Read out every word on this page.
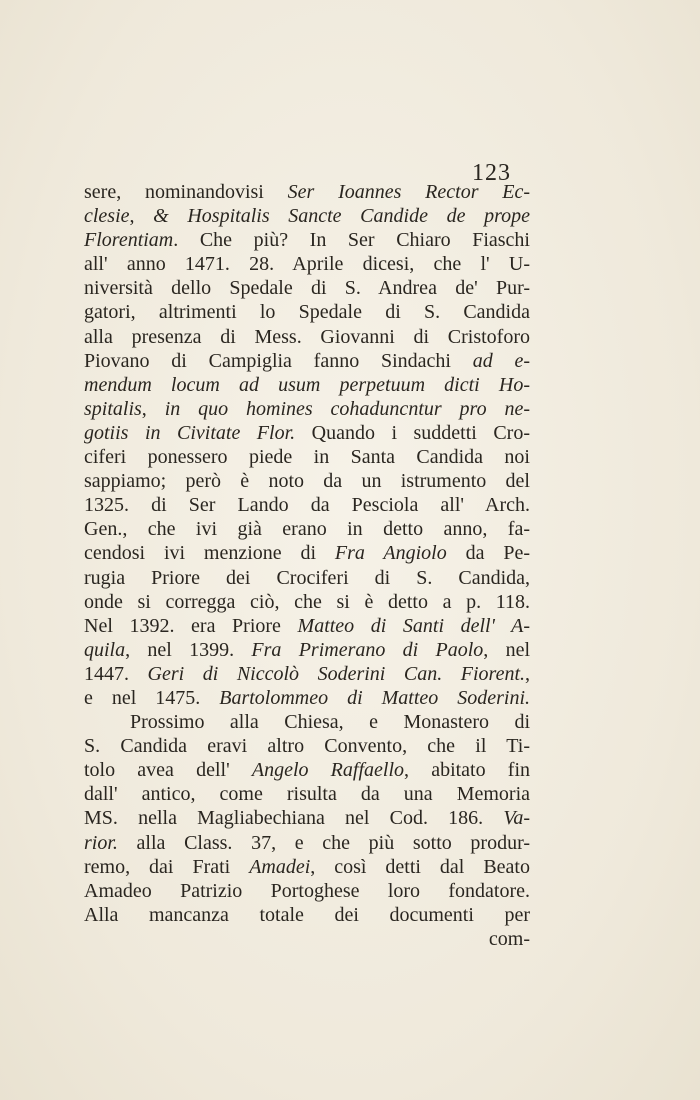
123
sere, nominandovisi Ser Ioannes Rector Ec-
clesie, & Hospitalis Sancte Candide de prope
Florentiam. Che più? In Ser Chiaro Fiaschi
all' anno 1471. 28. Aprile dicesi, che l' U-
niversità dello Spedale di S. Andrea de' Pur-
gatori, altrimenti lo Spedale di S. Candida
alla presenza di Mess. Giovanni di Cristoforo
Piovano di Campiglia fanno Sindachi ad e-
mendum locum ad usum perpetuum dicti Ho-
spitalis, in quo homines cohaduncntur pro ne-
gotiis in Civitate Flor. Quando i suddetti Cro-
ciferi ponessero piede in Santa Candida noi
sappiamo; però è noto da un istrumento del
1325. di Ser Lando da Pesciola all' Arch.
Gen., che ivi già erano in detto anno, fa-
cendosi ivi menzione di Fra Angiolo da Pe-
rugia Priore dei Crociferi di S. Candida,
onde si corregga ciò, che si è detto a p. 118.
Nel 1392. era Priore Matteo di Santi dell' A-
quila, nel 1399. Fra Primerano di Paolo, nel
1447. Geri di Niccolò Soderini Can. Fiorent.,
e nel 1475. Bartolommeo di Matteo Soderini.
Prossimo alla Chiesa, e Monastero di
S. Candida eravi altro Convento, che il Ti-
tolo avea dell' Angelo Raffaello, abitato fin
dall' antico, come risulta da una Memoria
MS. nella Magliabechiana nel Cod. 186. Va-
rior. alla Class. 37, e che più sotto produr-
remo, dai Frati Amadei, così detti dal Beato
Amadeo Patrizio Portoghese loro fondatore.
Alla mancanza totale dei documenti per
com-
